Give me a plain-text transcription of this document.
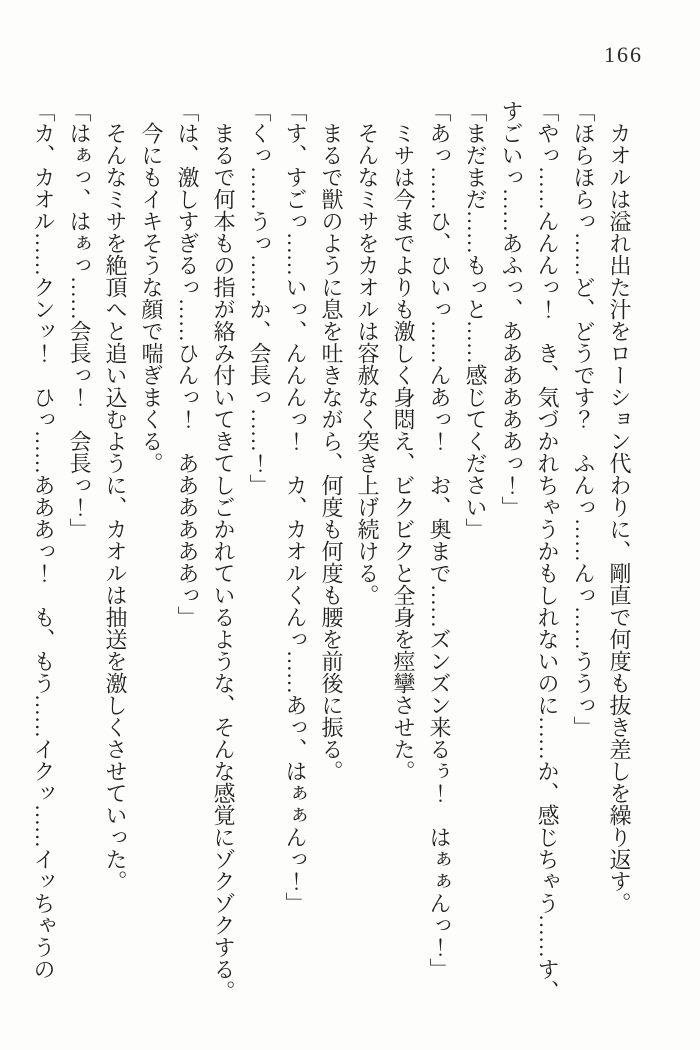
166

カオルは溢れ出た汁をローション代わりに、剛直で何度も抜き差しを繰り返す。

「ほらほらっ……ど、どうです？　ふんっ……んっ……ううっ」

「やっ……んんんっ！　き、気づかれちゃうかもしれないのに……か、感じちゃう……す、すごいっ……あふっ、ああああああっ！」

「まだまだ……もっと……感じてください」

「あっ……ひ、ひいっ……んあっ！　お、奥まで……ズンズン来るぅ！　はぁぁんっ！」

ミサは今までよりも激しく身悶え、ビクビクと全身を痙攣させた。

そんなミサをカオルは容赦なく突き上げ続ける。

まるで獣のように息を吐きながら、何度も何度も腰を前後に振る。

「す、すごっ……いっ、んんんっ！　カ、カオルくんっ……あっ、はぁぁんっ！」

「くっ……うっ……か、会長っ……！」

まるで何本もの指が絡み付いてきてしごかれているような、そんな感覚にゾクゾクする。

「は、激しすぎるっ……ひんっ！　ああああああっ」

今にもイキそうな顔で喘ぎまくる。

そんなミサを絶頂へと追い込むように、カオルは抽送を激しくさせていった。

「はぁっ、はぁっ……会長っ！　会長っ！」

「カ、カオル……クンッ！　ひっ……あああっ！　も、もう……イクッ……イッちゃうの
